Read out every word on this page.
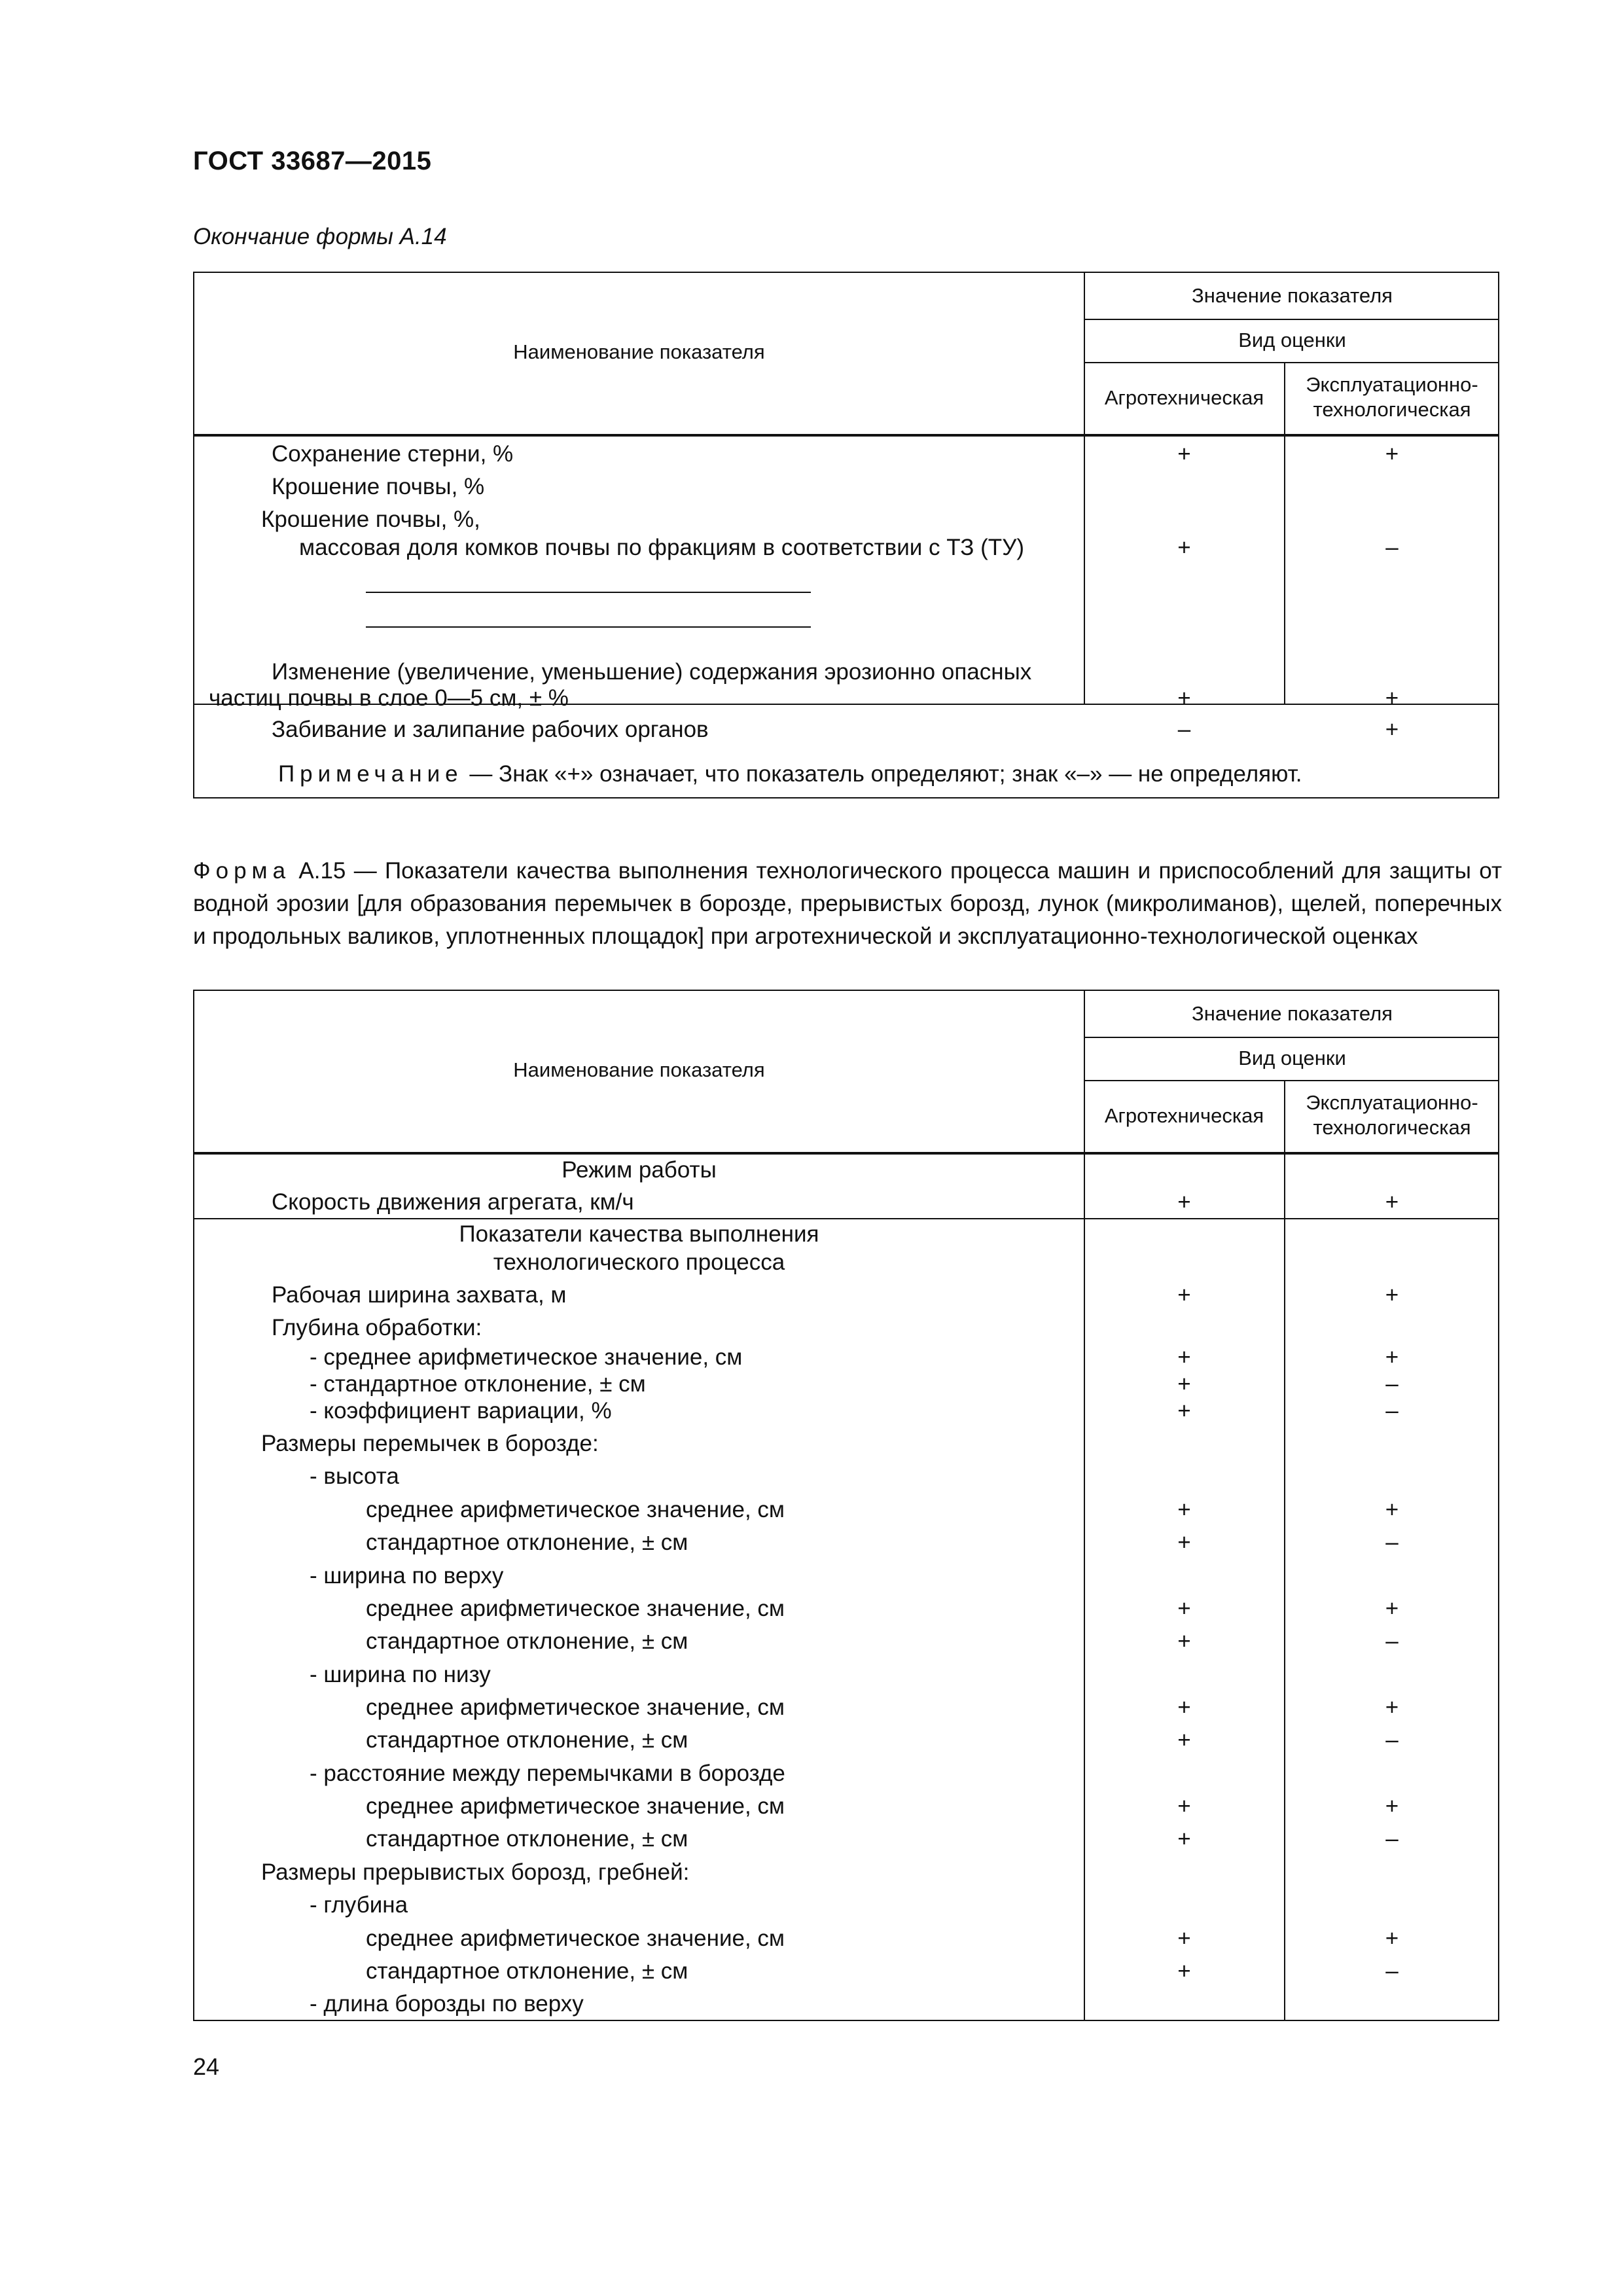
ГОСТ 33687—2015
Окончание формы А.14
Наименование показателя
Значение показателя
Вид оценки
Агротехническая
Эксплуатационно-
технологическая
Сохранение стерни, %	+	+
Крошение почвы, %
Крошение почвы, %,
массовая доля комков почвы по фракциям в соответствии с ТЗ (ТУ)	+	–
Изменение (увеличение, уменьшение) содержания эрозионно опасных
частиц почвы в слое 0—5 см, ± %	+	+
Забивание и залипание рабочих органов	–	+
Примечание — Знак «+» означает, что показатель определяют; знак «–» — не определяют.
Форма А.15 — Показатели качества выполнения технологического процесса машин и приспособлений для защиты от водной эрозии [для образования перемычек в борозде, прерывистых борозд, лунок (микролиманов), щелей, поперечных и продольных валиков, уплотненных площадок] при агротехнической и эксплуатационно-технологической оценках
Наименование показателя
Значение показателя
Вид оценки
Агротехническая
Эксплуатационно-
технологическая
Режим работы
Скорость движения агрегата, км/ч	+	+
Показатели качества выполнения
технологического процесса
Рабочая ширина захвата, м	+	+
Глубина обработки:
- среднее арифметическое значение, см	+	+
- стандартное отклонение, ± см	+	–
- коэффициент вариации, %	+	–
Размеры перемычек в борозде:
- высота
среднее арифметическое значение, см	+	+
стандартное отклонение, ± см	+	–
- ширина по верху
среднее арифметическое значение, см	+	+
стандартное отклонение, ± см	+	–
- ширина по низу
среднее арифметическое значение, см	+	+
стандартное отклонение, ± см	+	–
- расстояние между перемычками в борозде
среднее арифметическое значение, см	+	+
стандартное отклонение, ± см	+	–
Размеры прерывистых борозд, гребней:
- глубина
среднее арифметическое значение, см	+	+
стандартное отклонение, ± см	+	–
- длина борозды по верху
24
